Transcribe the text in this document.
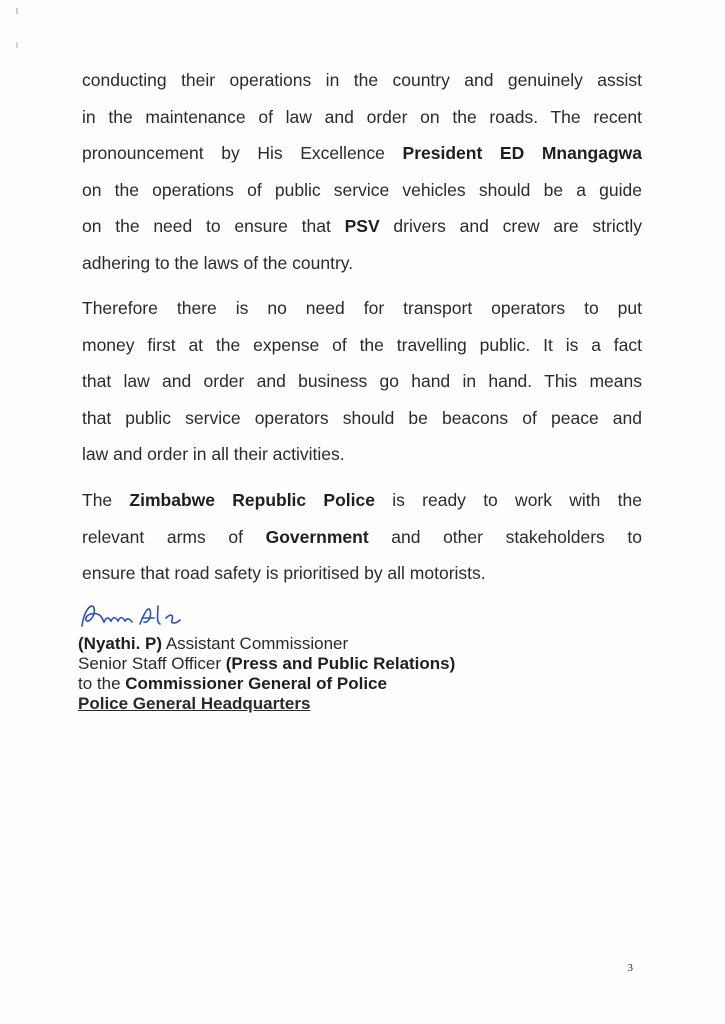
conducting their operations in the country and genuinely assist
in the maintenance of law and order on the roads. The recent
pronouncement by His Excellence President ED Mnangagwa
on the operations of public service vehicles should be a guide
on the need to ensure that PSV drivers and crew are strictly
adhering to the laws of the country.
Therefore there is no need for transport operators to put
money first at the expense of the travelling public. It is a fact
that law and order and business go hand in hand. This means
that public service operators should be beacons of peace and
law and order in all their activities.
The Zimbabwe Republic Police is ready to work with the
relevant arms of Government and other stakeholders to
ensure that road safety is prioritised by all motorists.
(Nyathi. P) Assistant Commissioner
Senior Staff Officer (Press and Public Relations)
to the Commissioner General of Police
Police General Headquarters
3
